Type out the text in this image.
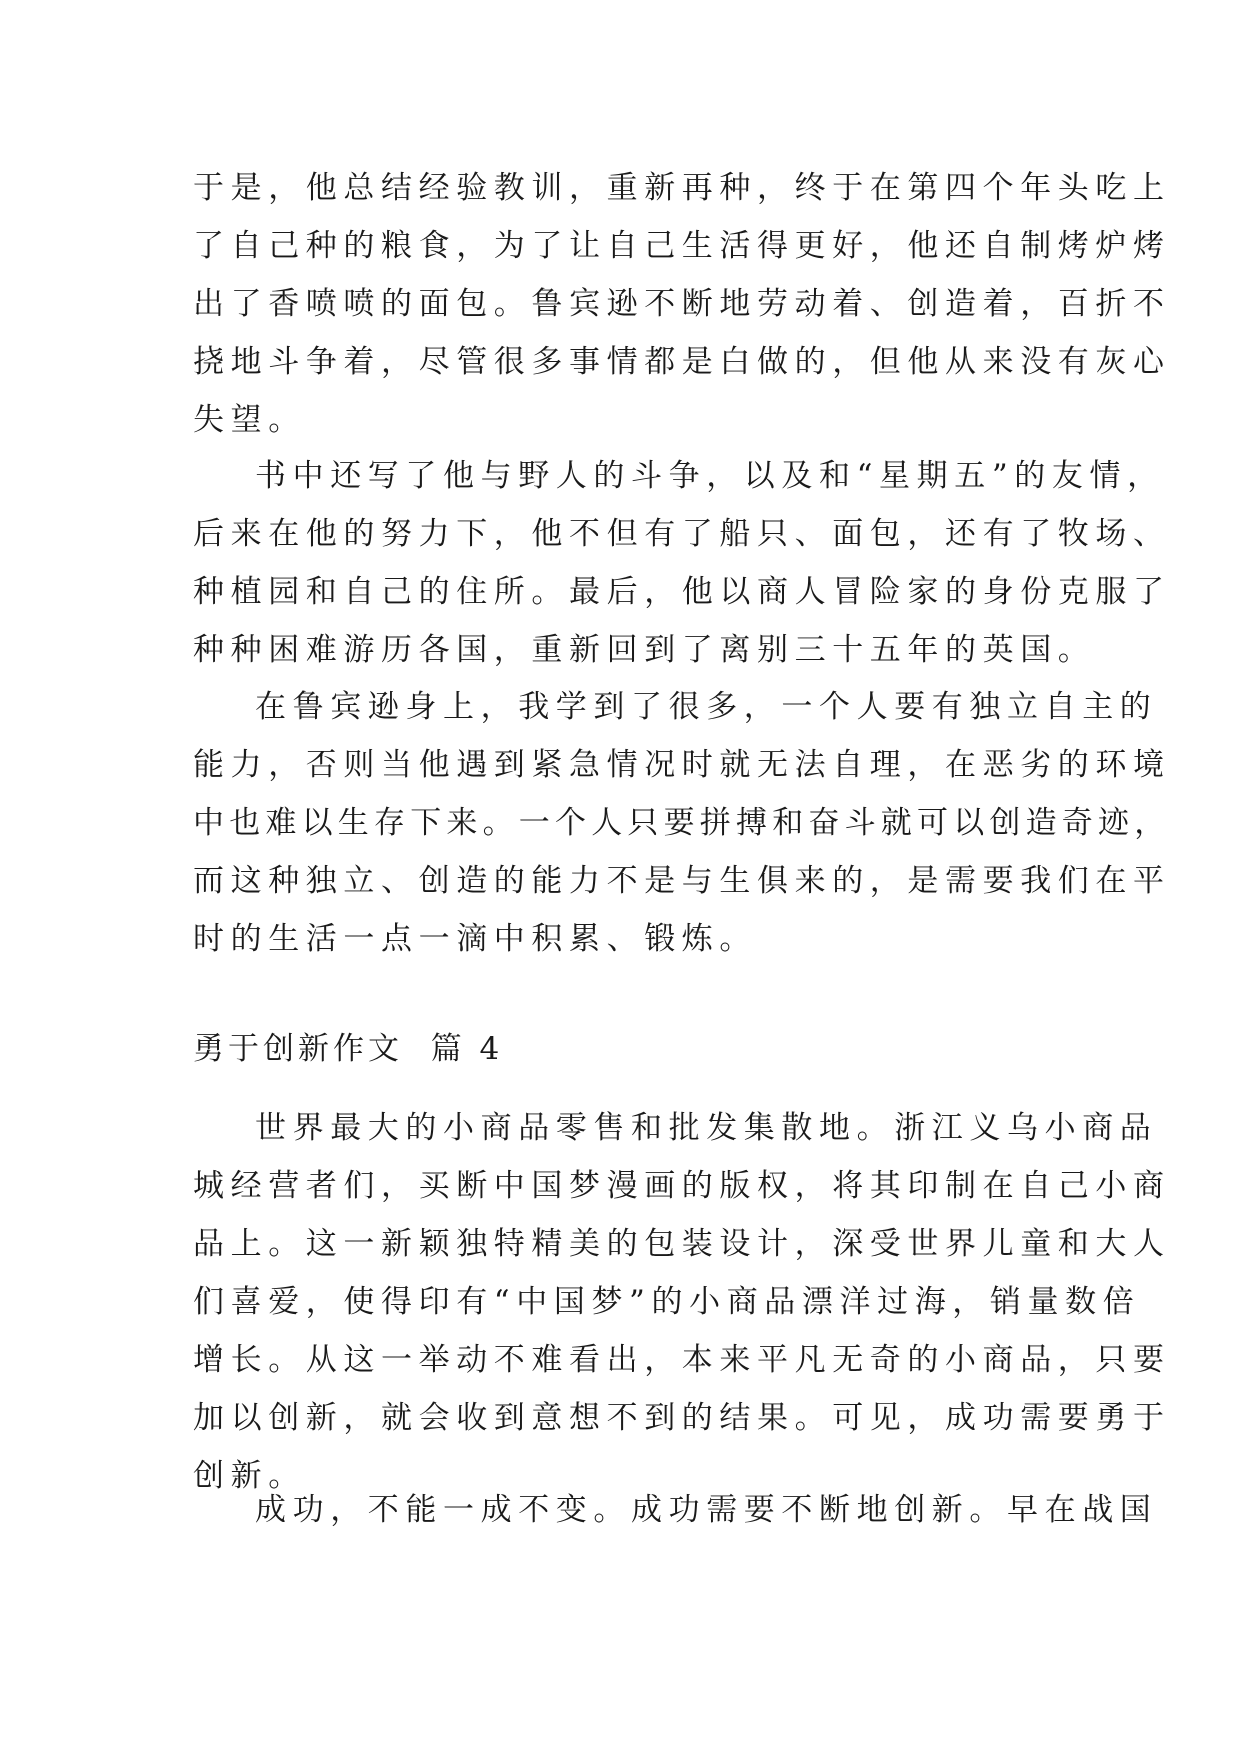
于是，他总结经验教训，重新再种，终于在第四个年头吃上
了自己种的粮食，为了让自己生活得更好，他还自制烤炉烤
出了香喷喷的面包。鲁宾逊不断地劳动着、创造着，百折不
挠地斗争着，尽管很多事情都是白做的，但他从来没有灰心
失望。
书中还写了他与野人的斗争，以及和“星期五”的友情，
后来在他的努力下，他不但有了船只、面包，还有了牧场、
种植园和自己的住所。最后，他以商人冒险家的身份克服了
种种困难游历各国，重新回到了离别三十五年的英国。
在鲁宾逊身上，我学到了很多，一个人要有独立自主的
能力，否则当他遇到紧急情况时就无法自理，在恶劣的环境
中也难以生存下来。一个人只要拼搏和奋斗就可以创造奇迹，
而这种独立、创造的能力不是与生俱来的，是需要我们在平
时的生活一点一滴中积累、锻炼。
勇于创新作文  篇 4
世界最大的小商品零售和批发集散地。浙江义乌小商品
城经营者们，买断中国梦漫画的版权，将其印制在自己小商
品上。这一新颖独特精美的包装设计，深受世界儿童和大人
们喜爱，使得印有“中国梦”的小商品漂洋过海，销量数倍
增长。从这一举动不难看出，本来平凡无奇的小商品，只要
加以创新，就会收到意想不到的结果。可见，成功需要勇于
创新。
成功，不能一成不变。成功需要不断地创新。早在战国
